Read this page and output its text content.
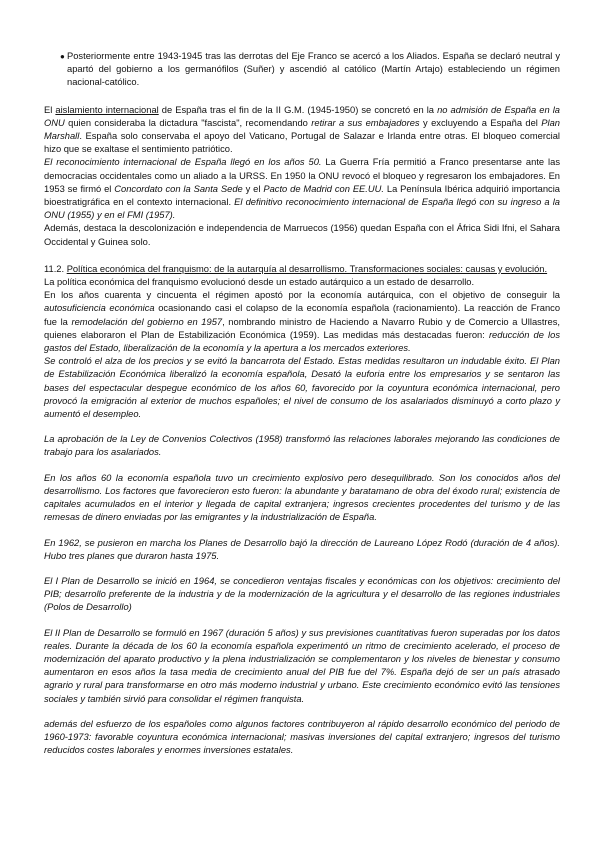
● Posteriormente entre 1943-1945 tras las derrotas del Eje Franco se acercó a los Aliados. España se declaró neutral y apartó del gobierno a los germanófilos (Suñer) y ascendió al católico (Martín Artajo) estableciendo un régimen nacional-católico.

El aislamiento internacional de España tras el fin de la II G.M. (1945-1950) se concretó en la no admisión de España en la ONU quien consideraba la dictadura "fascista", recomendando retirar a sus embajadores y excluyendo a España del Plan Marshall. España solo conservaba el apoyo del Vaticano, Portugal de Salazar e Irlanda entre otras. El bloqueo comercial hizo que se exaltase el sentimiento patriótico.

El reconocimiento internacional de España llegó en los años 50. La Guerra Fría permitió a Franco presentarse ante las democracias occidentales como un aliado a la URSS. En 1950 la ONU revocó el bloqueo y regresaron los embajadores. En 1953 se firmó el Concordato con la Santa Sede y el Pacto de Madrid con EE.UU. La Península Ibérica adquirió importancia bioestratigráfica en el contexto internacional. El definitivo reconocimiento internacional de España llegó con su ingreso a la ONU (1955) y en el FMI (1957).

Además, destaca la descolonización e independencia de Marruecos (1956) quedan España con el África Sidi Ifni, el Sahara Occidental y Guinea solo.

11.2. Política económica del franquismo: de la autarquía al desarrollismo. Transformaciones sociales: causas y evolución.

La política económica del franquismo evolucionó desde un estado autárquico a un estado de desarrollo.

En los años cuarenta y cincuenta el régimen apostó por la economía autárquica, con el objetivo de conseguir la autosuficiencia económica ocasionando casi el colapso de la economía española (racionamiento). La reacción de Franco fue la remodelación del gobierno en 1957, nombrando ministro de Haciendo a Navarro Rubio y de Comercio a Ullastres, quienes elaboraron el Plan de Estabilización Económica (1959). Las medidas más destacadas fueron: reducción de los gastos del Estado, liberalización de la economía y la apertura a los mercados exteriores.

Se controló el alza de los precios y se evitó la bancarrota del Estado. Estas medidas resultaron un indudable éxito. El Plan de Estabilización Económica liberalizó la economía española, Desató la euforia entre los empresarios y se sentaron las bases del espectacular despegue económico de los años 60, favorecido por la coyuntura económica internacional, pero provocó la emigración al exterior de muchos españoles; el nivel de consumo de los asalariados disminuyó a corto plazo y aumentó el desempleo.

La aprobación de la Ley de Convenios Colectivos (1958) transformó las relaciones laborales mejorando las condiciones de trabajo para los asalariados.

En los años 60 la economía española tuvo un crecimiento explosivo pero desequilibrado. Son los conocidos años del desarrollismo. Los factores que favorecieron esto fueron: la abundante y baratamano de obra del éxodo rural; existencia de capitales acumulados en el interior y llegada de capital extranjera; ingresos crecientes procedentes del turismo y de las remesas de dinero enviadas por las emigrantes y la industrialización de España.

En 1962, se pusieron en marcha los Planes de Desarrollo bajó la dirección de Laureano López Rodó (duración de 4 años). Hubo tres planes que duraron hasta 1975.

El I Plan de Desarrollo se inició en 1964, se concedieron ventajas fiscales y económicas con los objetivos: crecimiento del PIB; desarrollo preferente de la industria y de la modernización de la agricultura y el desarrollo de las regiones industriales (Polos de Desarrollo)

El II Plan de Desarrollo se formuló en 1967 (duración 5 años) y sus previsiones cuantitativas fueron superadas por los datos reales. Durante la década de los 60 la economía española experimentó un ritmo de crecimiento acelerado, el proceso de modernización del aparato productivo y la plena industrialización se complementaron y los niveles de bienestar y consumo aumentaron en esos años la tasa media de crecimiento anual del PIB fue del 7%. España dejó de ser un país atrasado agrario y rural para transformarse en otro más moderno industrial y urbano. Este crecimiento económico evitó las tensiones sociales y también sirvió para consolidar el régimen franquista.

además del esfuerzo de los españoles como algunos factores contribuyeron al rápido desarrollo económico del periodo de 1960-1973: favorable coyuntura económica internacional; masivas inversiones del capital extranjero; ingresos del turismo reducidos costes laborales y enormes inversiones estatales.
